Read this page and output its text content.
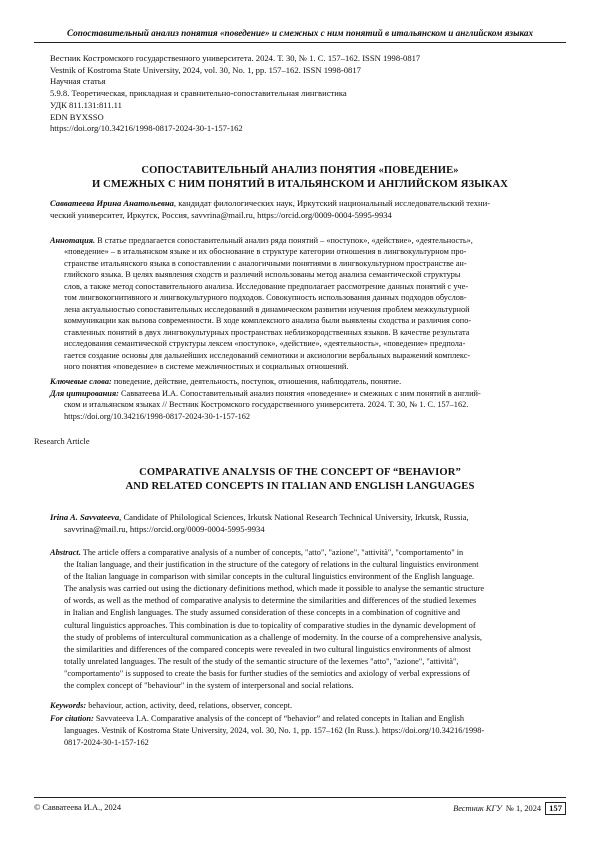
Сопоставительный анализ понятия «поведение» и смежных с ним понятий в итальянском и английском языках
Вестник Костромского государственного университета. 2024. Т. 30, № 1. С. 157–162. ISSN 1998-0817
Vestnik of Kostroma State University, 2024, vol. 30, No. 1, pp. 157–162. ISSN 1998-0817
Научная статья
5.9.8. Теоретическая, прикладная и сравнительно-сопоставительная лингвистика
УДК 811.131:811.11
EDN BYXSSO
https://doi.org/10.34216/1998-0817-2024-30-1-157-162
СОПОСТАВИТЕЛЬНЫЙ АНАЛИЗ ПОНЯТИЯ «ПОВЕДЕНИЕ»
И СМЕЖНЫХ С НИМ ПОНЯТИЙ В ИТАЛЬЯНСКОМ И АНГЛИЙСКОМ ЯЗЫКАХ
Савватеева Ирина Анатольевна, кандидат филологических наук, Иркутский национальный исследовательский техни-
ческий университет, Иркутск, Россия, savvrina@mail.ru, https://orcid.org/0009-0004-5995-9934
Аннотация. В статье предлагается сопоставительный анализ ряда понятий – «поступок», «действие», «деятельность»,
«поведение» – в итальянском языке и их обоснование в структуре категории отношения в лингвокультурном про-
странстве итальянского языка в сопоставлении с аналогичными понятиями в лингвокультурном пространстве ан-
глийского языка. В целях выявления сходств и различий использованы метод анализа семантической структуры
слов, а также метод сопоставительного анализа. Исследование предполагает рассмотрение данных понятий с уче-
том лингвокогнитивного и лингвокультурного подходов. Совокупность использования данных подходов обуслов-
лена актуальностью сопоставительных исследований в динамическом развитии изучения проблем межкультурной
коммуникации как вызова современности. В ходе комплексного анализа были выявлены сходства и различия сопо-
ставленных понятий в двух лингвокультурных пространствах неблизкородственных языков. В качестве результата
исследования семантической структуры лексем «поступок», «действие», «деятельность», «поведение» предпола-
гается создание основы для дальнейших исследований семиотики и аксиологии вербальных выражений комплекс-
ного понятия «поведение» в системе межличностных и социальных отношений.
Ключевые слова: поведение, действие, деятельность, поступок, отношения, наблюдатель, понятие.
Для цитирования: Савватеева И.А. Сопоставительный анализ понятия «поведение» и смежных с ним понятий в англий-
ском и итальянском языках // Вестник Костромского государственного университета. 2024. Т. 30, № 1. С. 157–162.
https://doi.org/10.34216/1998-0817-2024-30-1-157-162
Research Article
COMPARATIVE ANALYSIS OF THE CONCEPT OF “BEHAVIOR”
AND RELATED CONCEPTS IN ITALIAN AND ENGLISH LANGUAGES
Irina A. Savvateeva, Candidate of Philological Sciences, Irkutsk National Research Technical University, Irkutsk, Russia,
savvrina@mail.ru, https://orcid.org/0009-0004-5995-9934
Abstract. The article offers a comparative analysis of a number of concepts, "atto", "azione", "attività", "comportamento" in
the Italian language, and their justification in the structure of the category of relations in the cultural linguistics environment
of the Italian language in comparison with similar concepts in the cultural linguistics environment of the English language.
The analysis was carried out using the dictionary definitions method, which made it possible to analyse the semantic structure
of words, as well as the method of comparative analysis to determine the similarities and differences of the studied lexemes
in Italian and English languages. The study assumed consideration of these concepts in a combination of cognitive and
cultural linguistics approaches. This combination is due to topicality of comparative studies in the dynamic development of
the study of problems of intercultural communication as a challenge of modernity. In the course of a comprehensive analysis,
the similarities and differences of the compared concepts were revealed in two cultural linguistics environments of almost
totally unrelated languages. The result of the study of the semantic structure of the lexemes "atto", "azione", "attività",
"comportamento" is supposed to create the basis for further studies of the semiotics and axiology of verbal expressions of
the complex concept of "behaviour" in the system of interpersonal and social relations.
Keywords: behaviour, action, activity, deed, relations, observer, concept.
For citation: Savvateeva I.A. Comparative analysis of the concept of “behavior” and related concepts in Italian and English
languages. Vestnik of Kostroma State University, 2024, vol. 30, No. 1, pp. 157–162 (In Russ.). https://doi.org/10.34216/1998-
0817-2024-30-1-157-162
© Савватеева И.А., 2024	Вестник КГУ № 1, 2024 157
